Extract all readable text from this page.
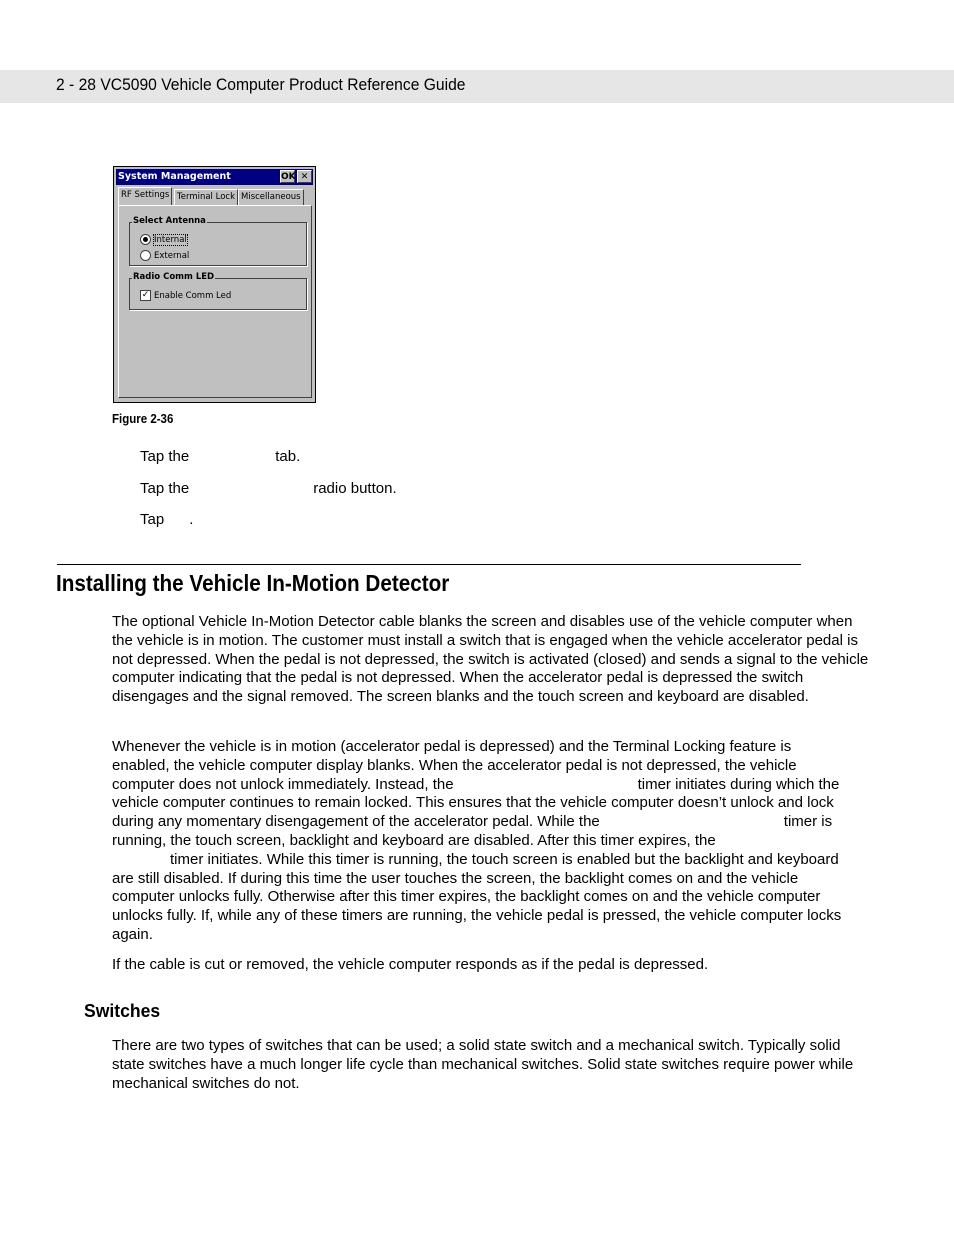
2 - 28 VC5090 Vehicle Computer Product Reference Guide
System Management	OK ✕
RF Settings Terminal Lock Miscellaneous
Select Antenna
Internal
External
Radio Comm LED
✓ Enable Comm Led
Figure 2-36
Tap the	tab.
Tap the	radio button.
Tap .
Installing the Vehicle In-Motion Detector

The optional Vehicle In-Motion Detector cable blanks the screen and disables use of the vehicle computer when the vehicle is in motion. The customer must install a switch that is engaged when the vehicle accelerator pedal is not depressed. When the pedal is not depressed, the switch is activated (closed) and sends a signal to the vehicle computer indicating that the pedal is not depressed. When the accelerator pedal is depressed the switch disengages and the signal removed. The screen blanks and the touch screen and keyboard are disabled.

Whenever the vehicle is in motion (accelerator pedal is depressed) and the Terminal Locking feature is
enabled, the vehicle computer display blanks. When the accelerator pedal is not depressed, the vehicle
computer does not unlock immediately. Instead, the	timer initiates during which the
vehicle computer continues to remain locked. This ensures that the vehicle computer doesn’t unlock and lock
during any momentary disengagement of the accelerator pedal. While the	timer is
running, the touch screen, backlight and keyboard are disabled. After this timer expires, the
timer initiates. While this timer is running, the touch screen is enabled but the backlight and keyboard
are still disabled. If during this time the user touches the screen, the backlight comes on and the vehicle
computer unlocks fully. Otherwise after this timer expires, the backlight comes on and the vehicle computer
unlocks fully. If, while any of these timers are running, the vehicle pedal is pressed, the vehicle computer locks
again.

If the cable is cut or removed, the vehicle computer responds as if the pedal is depressed.

Switches

There are two types of switches that can be used; a solid state switch and a mechanical switch. Typically solid state switches have a much longer life cycle than mechanical switches. Solid state switches require power while mechanical switches do not.
